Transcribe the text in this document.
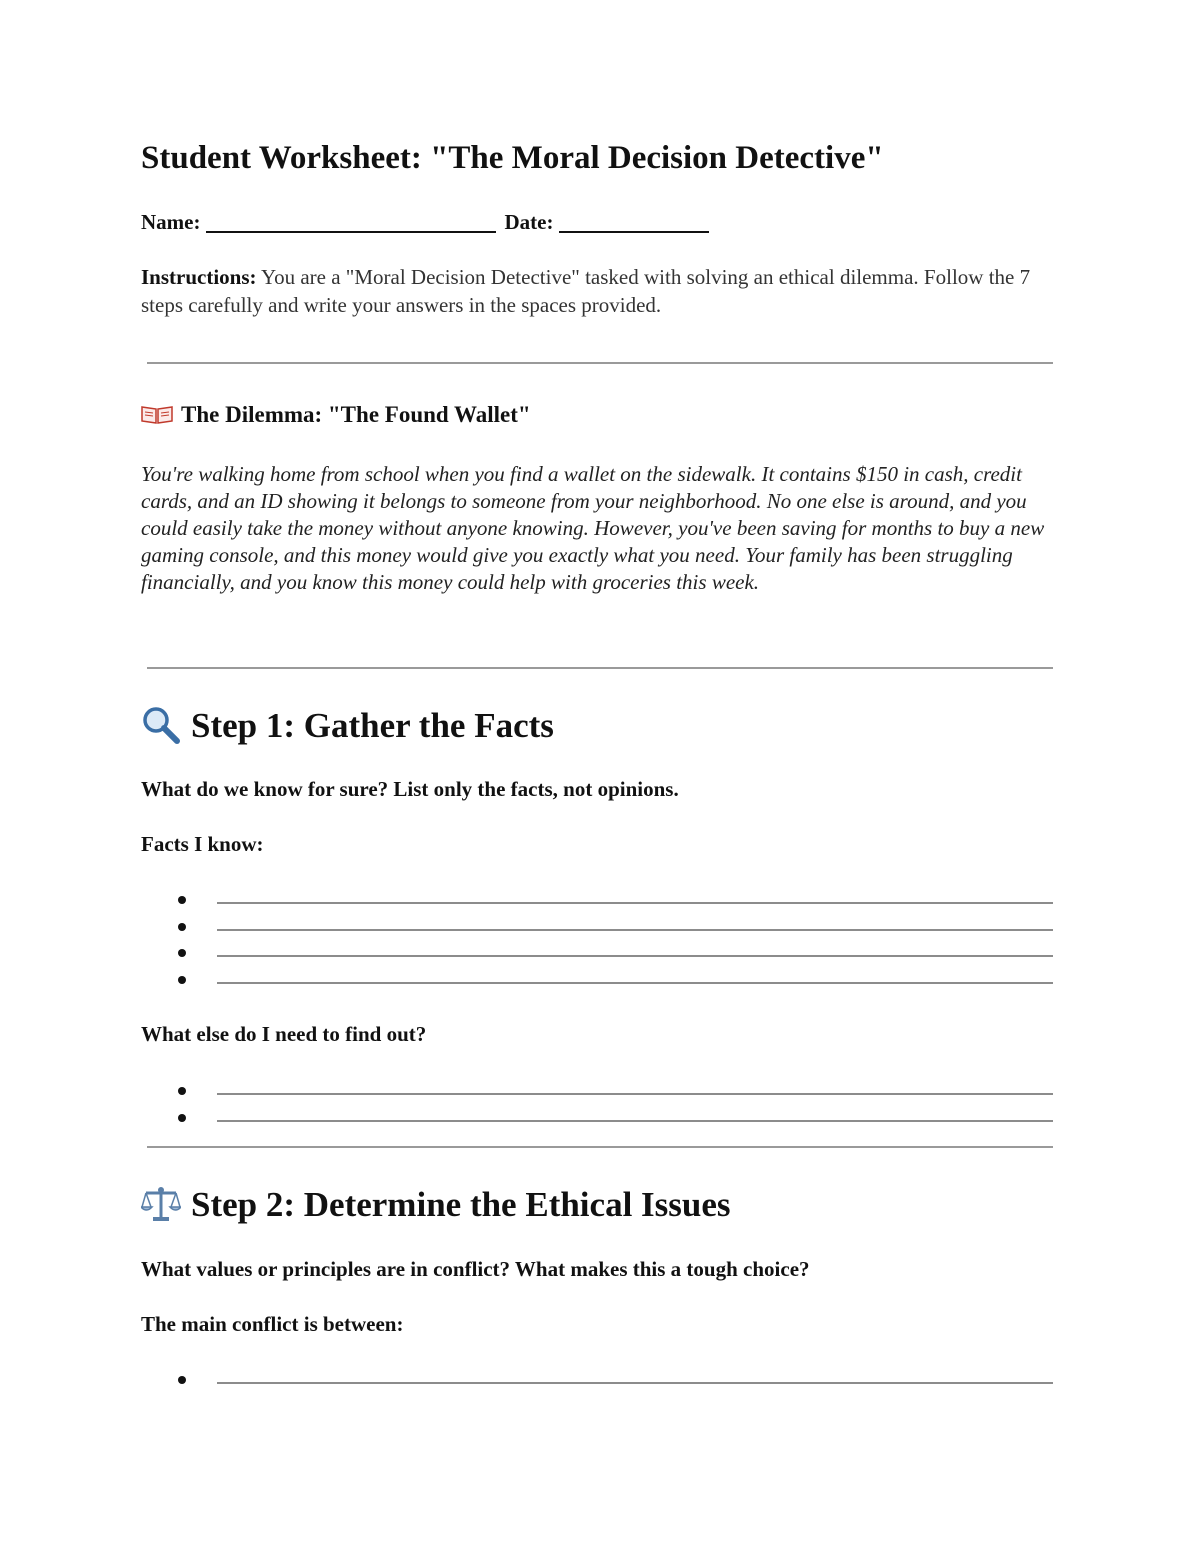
Student Worksheet: "The Moral Decision Detective"
Name:	Date:

Instructions: You are a "Moral Decision Detective" tasked with solving an ethical dilemma. Follow the 7 steps carefully and write your answers in the spaces provided.

The Dilemma: "The Found Wallet"

You're walking home from school when you find a wallet on the sidewalk. It contains $150 in cash, credit cards, and an ID showing it belongs to someone from your neighborhood. No one else is around, and you could easily take the money without anyone knowing. However, you've been saving for months to buy a new gaming console, and this money would give you exactly what you need. Your family has been struggling financially, and you know this money could help with groceries this week.

Step 1: Gather the Facts

What do we know for sure? List only the facts, not opinions.

Facts I know:

What else do I need to find out?

Step 2: Determine the Ethical Issues

What values or principles are in conflict? What makes this a tough choice?

The main conflict is between:
